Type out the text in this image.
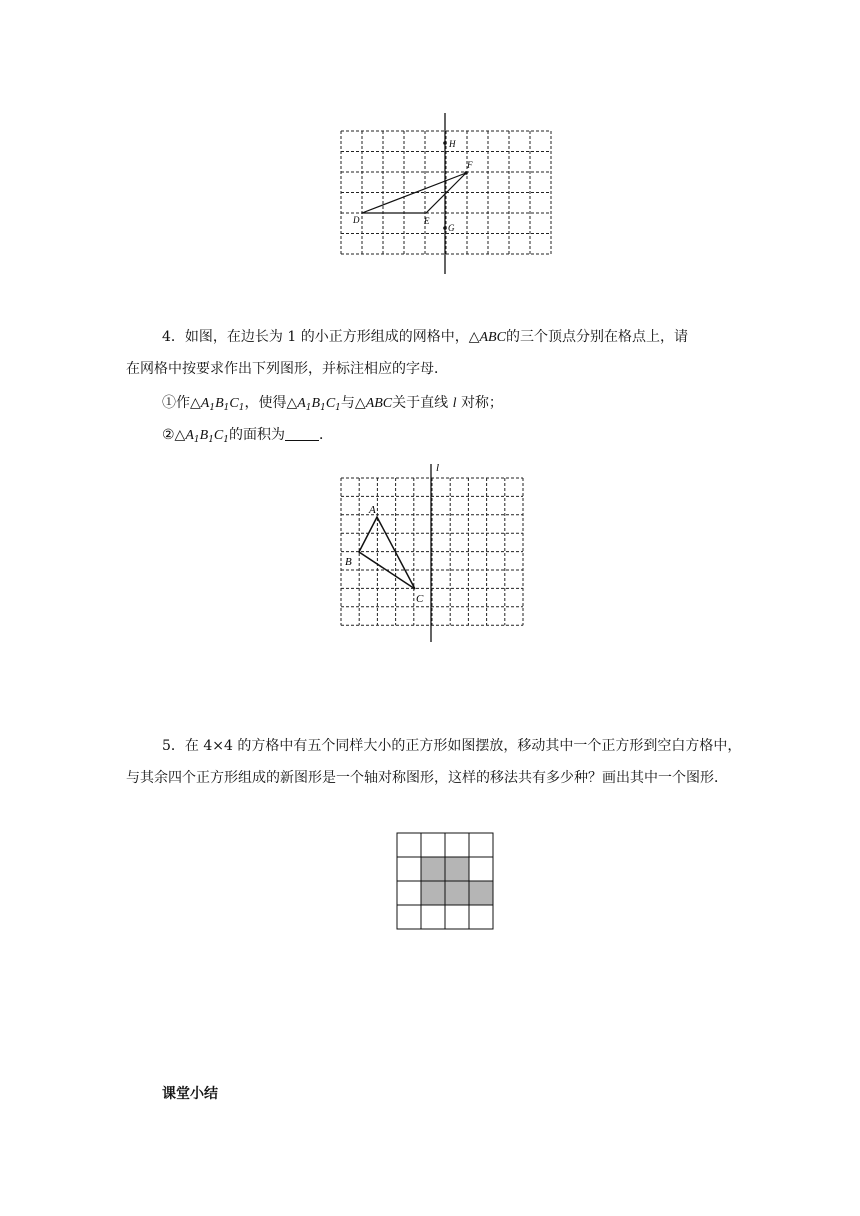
H
F
D	E
G
4．如图，在边长为 1 的小正方形组成的网格中，△ABC的三个顶点分别在格点上，请
在网格中按要求作出下列图形，并标注相应的字母．
①作$\triangle A_1B_1C_1$，使得$\triangle A_1B_1C_1$与△ABC关于直线 l 对称；
$②\triangle A_1B_1C_1$的面积为 ．
l
A
B
C
5．在 4×4 的方格中有五个同样大小的正方形如图摆放，移动其中一个正方形到空白方格中，与其余四个正方形组成的新图形是一个轴对称图形，这样的移法共有多少种？画出其中一个图形．
课堂小结
